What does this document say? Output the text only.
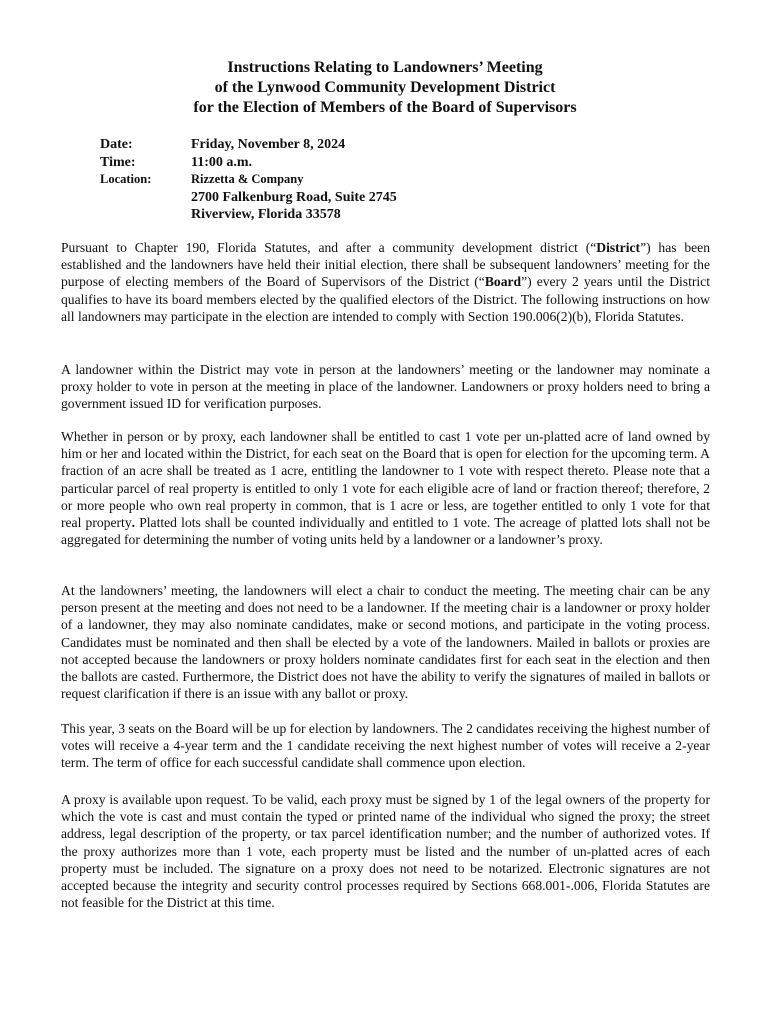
Instructions Relating to Landowners’ Meeting
of the Lynwood Community Development District
for the Election of Members of the Board of Supervisors
Date:	Friday, November 8, 2024
Time:	11:00 a.m.
Location:	Rizzetta & Company
2700 Falkenburg Road, Suite 2745
Riverview, Florida 33578

Pursuant to Chapter 190, Florida Statutes, and after a community development district (“District”) has been established and the landowners have held their initial election, there shall be subsequent landowners’ meeting for the purpose of electing members of the Board of Supervisors of the District (“Board”) every 2 years until the District qualifies to have its board members elected by the qualified electors of the District. The following instructions on how all landowners may participate in the election are intended to comply with Section 190.006(2)(b), Florida Statutes.

A landowner within the District may vote in person at the landowners’ meeting or the landowner may nominate a proxy holder to vote in person at the meeting in place of the landowner. Landowners or proxy holders need to bring a government issued ID for verification purposes.

Whether in person or by proxy, each landowner shall be entitled to cast 1 vote per un-platted acre of land owned by him or her and located within the District, for each seat on the Board that is open for election for the upcoming term. A fraction of an acre shall be treated as 1 acre, entitling the landowner to 1 vote with respect thereto. Please note that a particular parcel of real property is entitled to only 1 vote for each eligible acre of land or fraction thereof; therefore, 2 or more people who own real property in common, that is 1 acre or less, are together entitled to only 1 vote for that real property. Platted lots shall be counted individually and entitled to 1 vote. The acreage of platted lots shall not be aggregated for determining the number of voting units held by a landowner or a landowner’s proxy.

At the landowners’ meeting, the landowners will elect a chair to conduct the meeting. The meeting chair can be any person present at the meeting and does not need to be a landowner. If the meeting chair is a landowner or proxy holder of a landowner, they may also nominate candidates, make or second motions, and participate in the voting process. Candidates must be nominated and then shall be elected by a vote of the landowners. Mailed in ballots or proxies are not accepted because the landowners or proxy holders nominate candidates first for each seat in the election and then the ballots are casted. Furthermore, the District does not have the ability to verify the signatures of mailed in ballots or request clarification if there is an issue with any ballot or proxy.

This year, 3 seats on the Board will be up for election by landowners. The 2 candidates receiving the highest number of votes will receive a 4-year term and the 1 candidate receiving the next highest number of votes will receive a 2-year term. The term of office for each successful candidate shall commence upon election.

A proxy is available upon request. To be valid, each proxy must be signed by 1 of the legal owners of the property for which the vote is cast and must contain the typed or printed name of the individual who signed the proxy; the street address, legal description of the property, or tax parcel identification number; and the number of authorized votes. If the proxy authorizes more than 1 vote, each property must be listed and the number of un-platted acres of each property must be included. The signature on a proxy does not need to be notarized. Electronic signatures are not accepted because the integrity and security control processes required by Sections 668.001-.006, Florida Statutes are not feasible for the District at this time.
